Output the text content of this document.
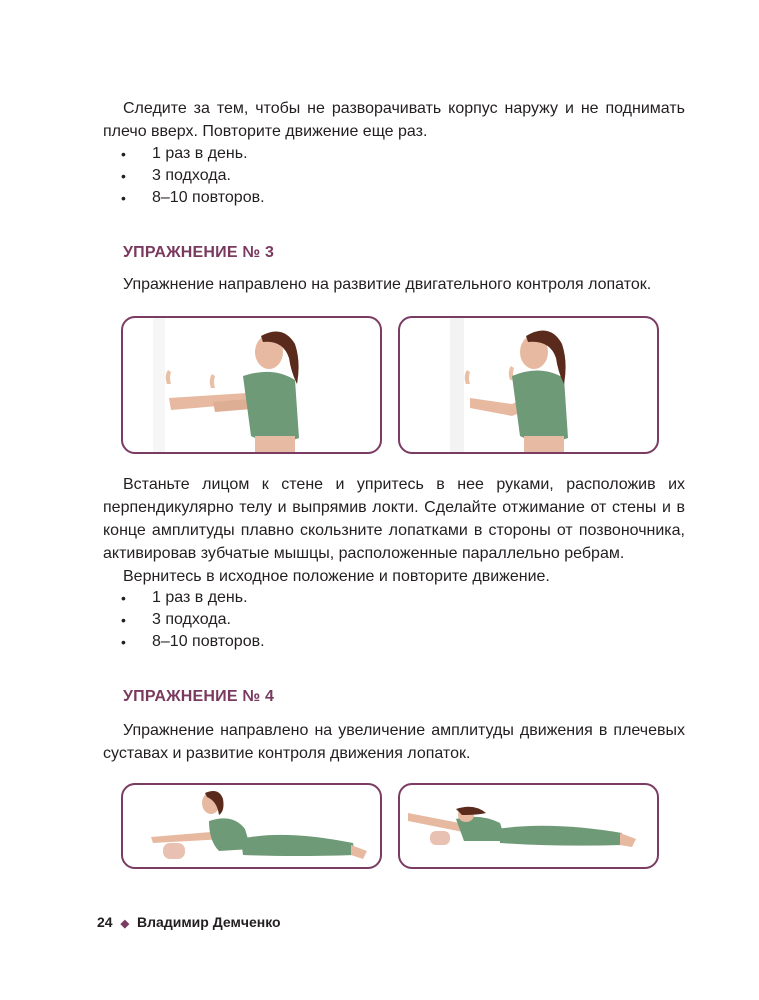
Следите за тем, чтобы не разворачивать корпус наружу и не поднимать плечо вверх. Повторите движение еще раз.

• 1 раз в день.
• 3 подхода.
• 8–10 повторов.
УПРАЖНЕНИЕ № 3

Упражнение направлено на развитие двигательного контроля лопаток.

Встаньте лицом к стене и упритесь в нее руками, расположив их перпендикулярно телу и выпрямив локти. Сделайте отжимание от стены и в конце амплитуды плавно скользните лопатками в стороны от позвоночника, активировав зубчатые мышцы, расположенные параллельно ребрам.

Вернитесь в исходное положение и повторите движение.

• 1 раз в день.
• 3 подхода.
• 8–10 повторов.
УПРАЖНЕНИЕ № 4

Упражнение направлено на увеличение амплитуды движения в плечевых суставах и развитие контроля движения лопаток.

24 ◆ Владимир Демченко
